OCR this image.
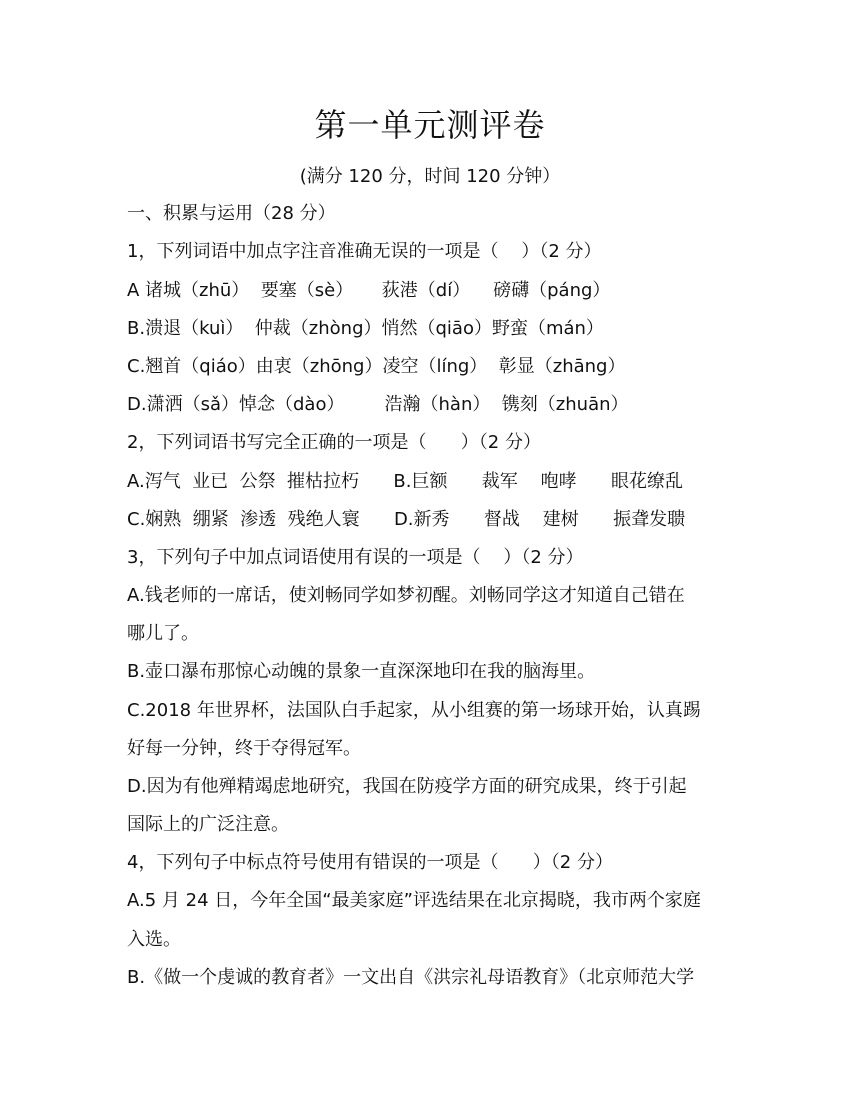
第一单元测评卷
(满分 120 分，时间 120 分钟）
一、积累与运用（28 分）
1，下列词语中加点字注音准确无误的一项是（    ）（2 分）
A 诸城（zhū）  要塞（sè）     荻港（dí）    磅礴（páng）
B.溃退（kuì）  仲裁（zhòng）悄然（qiāo）野蛮（mán）
C.翘首（qiáo）由衷（zhōng）凌空（líng）  彰显（zhāng）
D.潇洒（sǎ）悼念（dào）       浩瀚（hàn）  镌刻（zhuān）
2，下列词语书写完全正确的一项是（      ）（2 分）
A.泻气  业已  公祭  摧枯拉朽      B.巨额      裁军    咆哮      眼花缭乱
C.娴熟  绷紧  渗透  残绝人寰      D.新秀      督战    建树      振聋发聩
3，下列句子中加点词语使用有误的一项是（    ）（2 分）
A.钱老师的一席话，使刘畅同学如梦初醒。刘畅同学这才知道自己错在
哪儿了。
B.壶口瀑布那惊心动魄的景象一直深深地印在我的脑海里。
C.2018 年世界杯，法国队白手起家，从小组赛的第一场球开始，认真踢
好每一分钟，终于夺得冠军。
D.因为有他殚精竭虑地研究，我国在防疫学方面的研究成果，终于引起
国际上的广泛注意。
4，下列句子中标点符号使用有错误的一项是（      ）（2 分）
A.5 月 24 日，今年全国“最美家庭”评选结果在北京揭晓，我市两个家庭
入选。
B.《做一个虔诚的教育者》一文出自《洪宗礼母语教育》（北京师范大学
